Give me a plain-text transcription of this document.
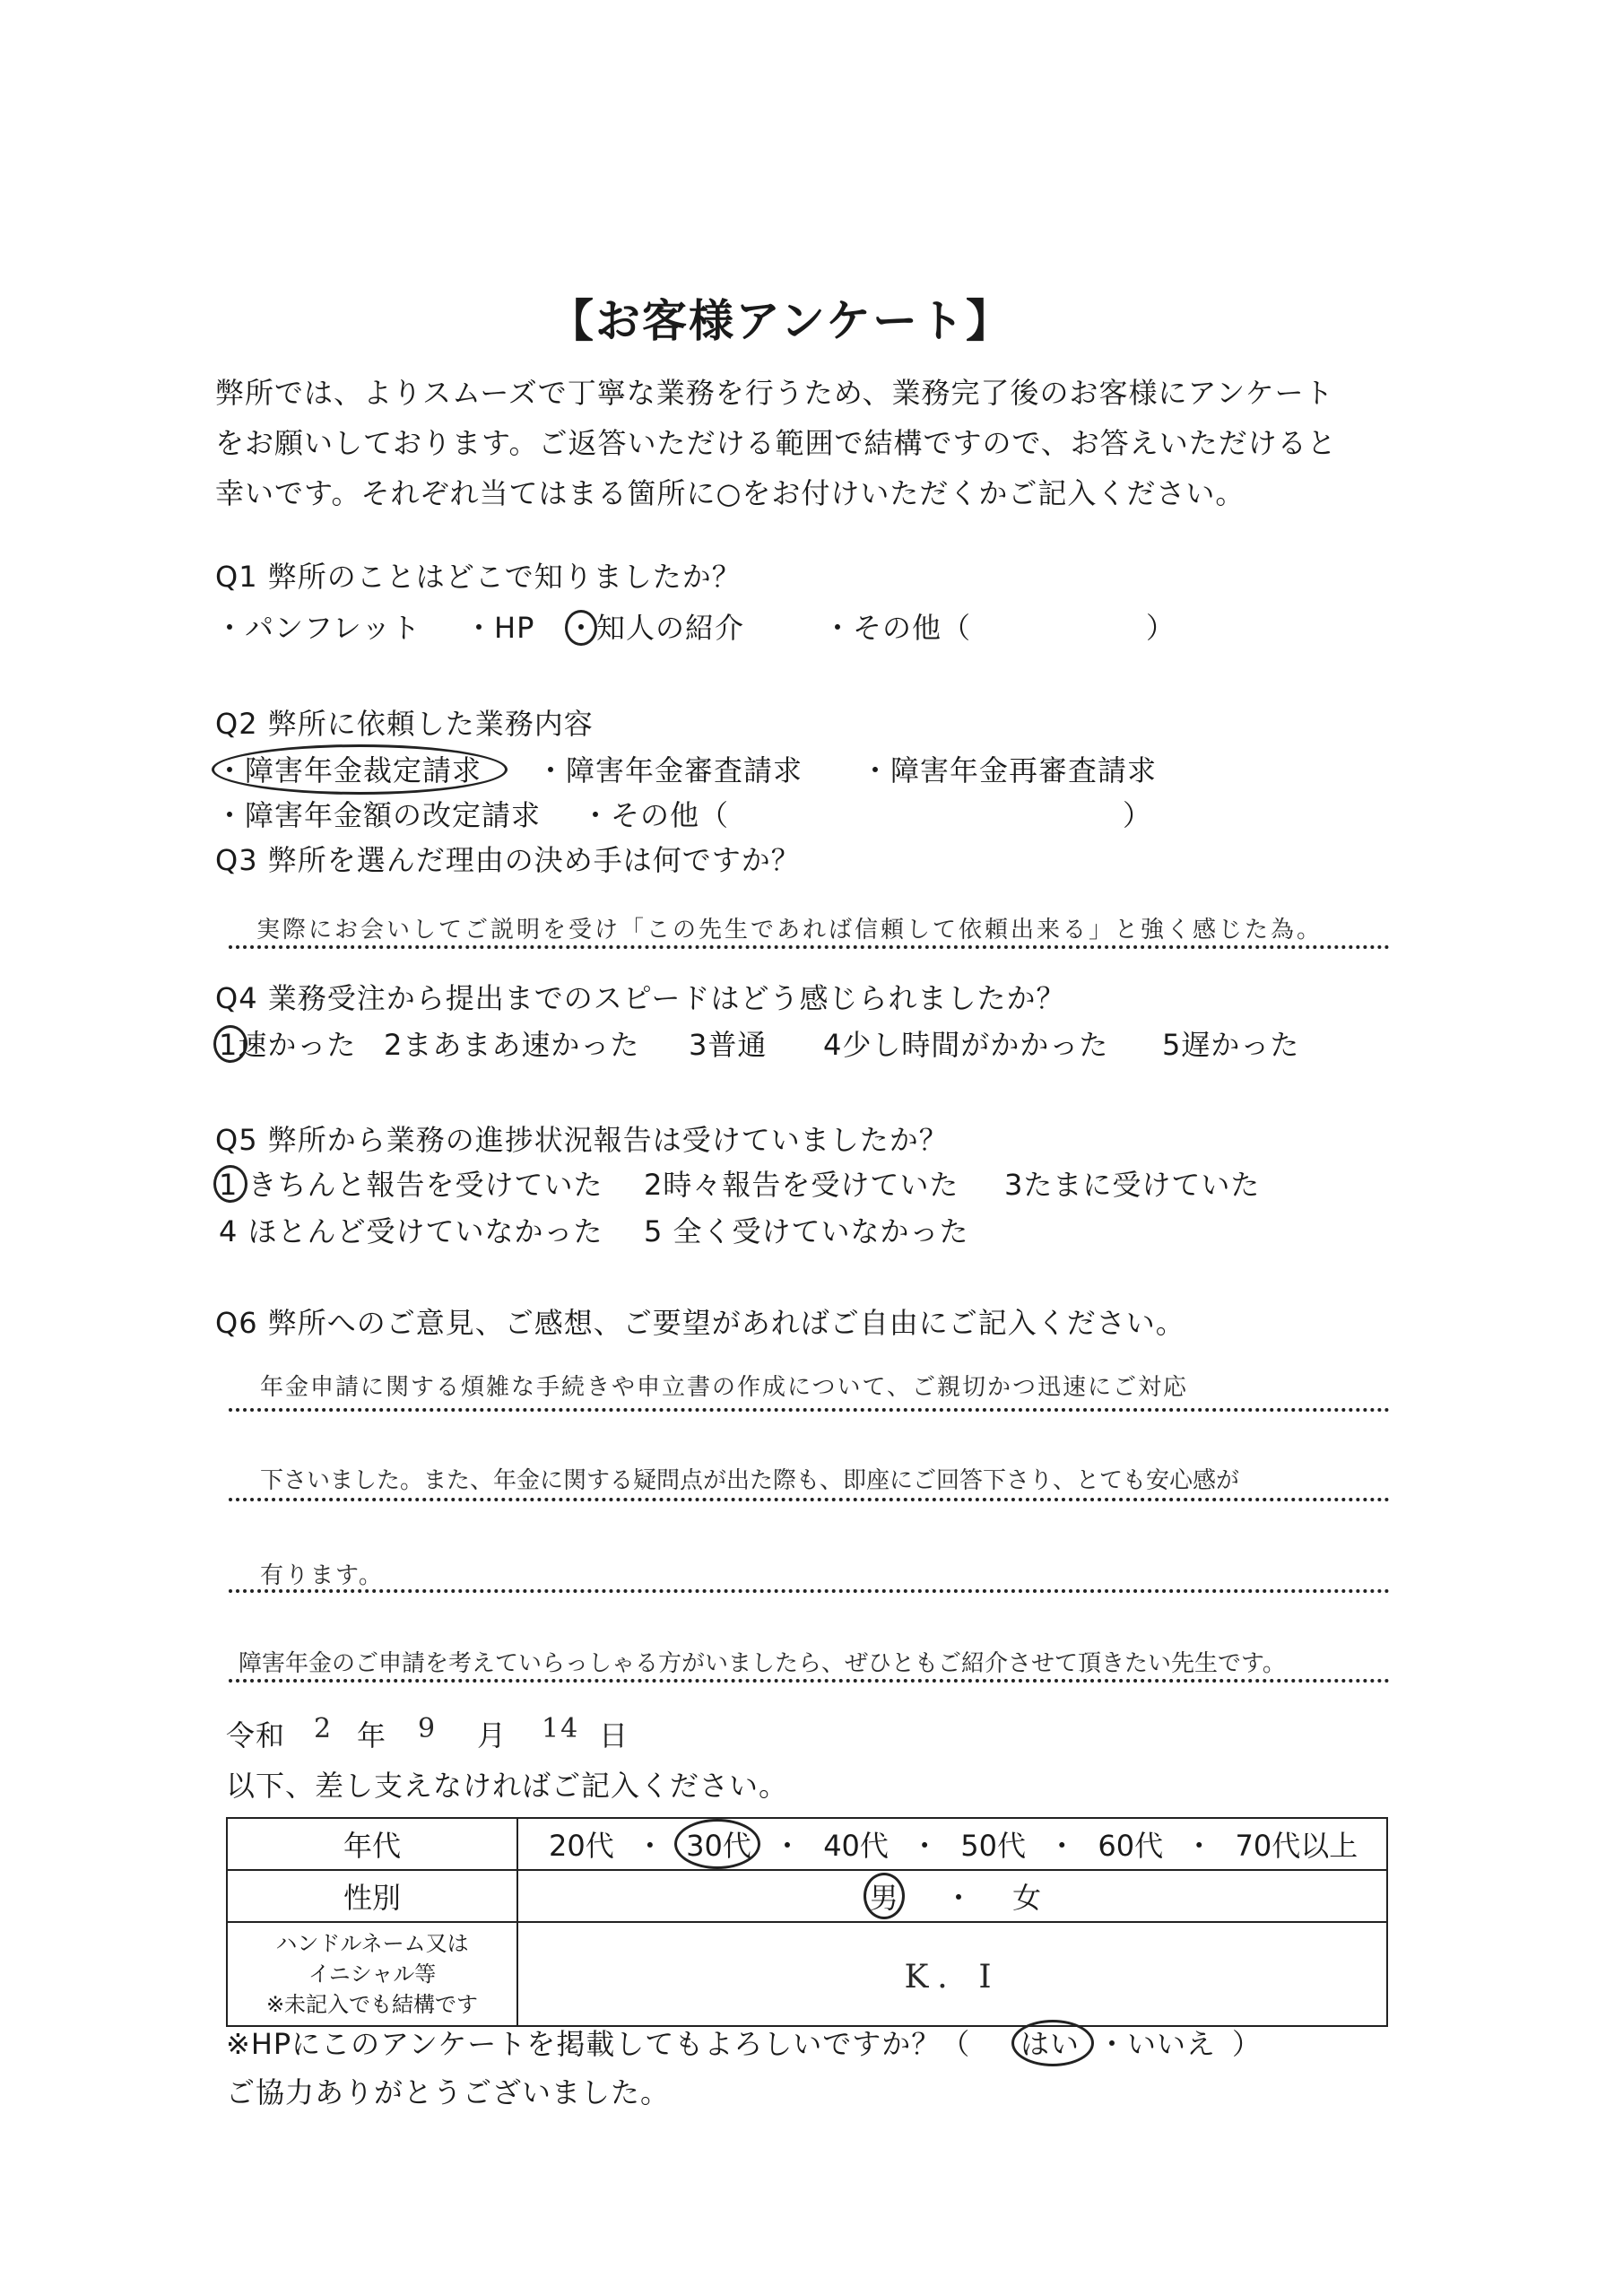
【お客様アンケート】
弊所では、よりスムーズで丁寧な業務を行うため、業務完了後のお客様にアンケート
をお願いしております。ご返答いただける範囲で結構ですので、お答えいただけると
幸いです。それぞれ当てはまる箇所に○をお付けいただくかご記入ください。
Q1 弊所のことはどこで知りましたか？
・パンフレット ・HP ・知人の紹介	・その他（	）
Q2 弊所に依頼した業務内容
・障害年金裁定請求 ・障害年金審査請求 ・障害年金再審査請求
・障害年金額の改定請求 ・その他（	）
Q3 弊所を選んだ理由の決め手は何ですか？
実際にお会いしてご説明を受け「この先生であれば信頼して依頼出来る」と強く感じた為。
Q4 業務受注から提出までのスピードはどう感じられましたか？
1速かった 2まあまあ速かった 3普通 4少し時間がかかった 5遅かった
Q5 弊所から業務の進捗状況報告は受けていましたか？
1 きちんと報告を受けていた 2時々報告を受けていた 3たまに受けていた
4 ほとんど受けていなかった 5 全く受けていなかった
Q6 弊所へのご意見、ご感想、ご要望があればご自由にご記入ください。
年金申請に関する煩雑な手続きや申立書の作成について、ご親切かつ迅速にご対応
下さいました。また、年金に関する疑問点が出た際も、即座にご回答下さり、とても安心感が
有ります。
障害年金のご申請を考えていらっしゃる方がいましたら、ぜひともご紹介させて頂きたい先生です。
令和 2 年 9 月 14 日
以下、差し支えなければご記入ください。
年代	20代 ・ 30代 ・ 40代 ・ 50代 ・ 60代 ・ 70代以上
性別	男 ・ 女

ハンドルネーム又は
イニシャル等
※未記入でも結構です	K．I
※HPにこのアンケートを掲載してもよろしいですか？（ はい ・いいえ ）
ご協力ありがとうございました。
